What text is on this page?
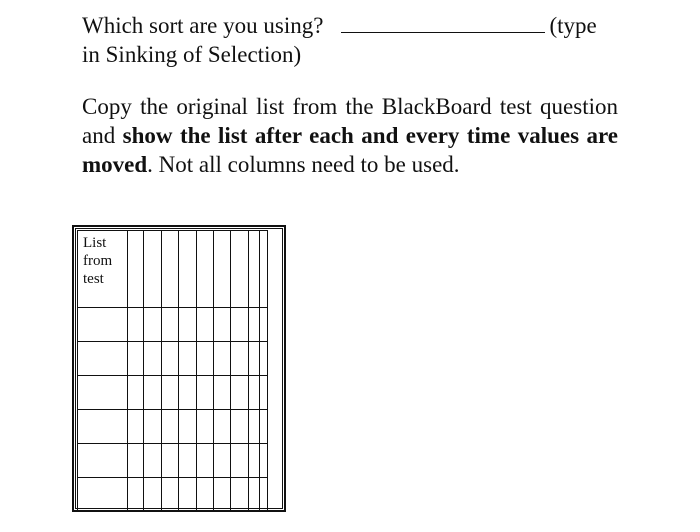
Which sort are you using?	(type
in Sinking of Selection)
Copy the original list from the BlackBoard test question and show the list after each and every time values are moved. Not all columns need to be used.
List
from
test									
